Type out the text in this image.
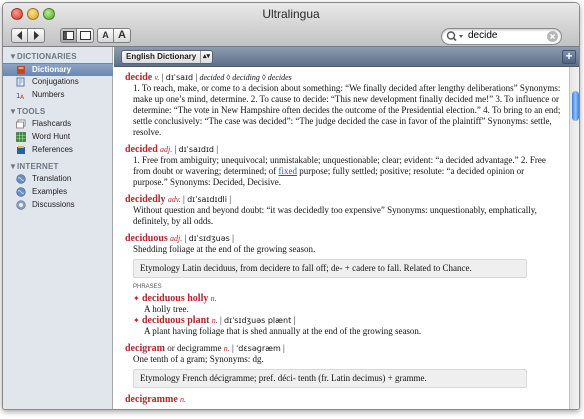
Ultralingua
A A	decide
▼DICTIONARIES
Dictionary
Conjugations
1 A Numbers
▼TOOLS
Flashcards
Word Hunt
References
▼INTERNET
Translation
Examples
Discussions
English Dictionary ▴▾	+
decide v. | dɪˈsaɪd | decided ◊ deciding ◊ decides
1. To reach, make, or come to a decision about something: “We finally decided after lengthy deliberations” Synonyms: make up one’s mind, determine. 2. To cause to decide: “This new development finally decided me!” 3. To influence or determine: “The vote in New Hampshire often decides the outcome of the Presidential election.” 4. To bring to an end; settle conclusively: “The case was decided”: “The judge decided the case in favor of the plaintiff” Synonyms: settle, resolve.
decided adj. | dɪˈsaɪdɪd |
1. Free from ambiguity; unequivocal; unmistakable; unquestionable; clear; evident: “a decided advantage.” 2. Free from doubt or wavering; determined; of fixed purpose; fully settled; positive; resolute: “a decided opinion or purpose.” Synonyms: Decided, Decisive.
decidedly adv. | dɪˈsaɪdɪdli |
Without question and beyond doubt: “it was decidedly too expensive” Synonyms: unquestionably, emphatically, definitely, by all odds.
deciduous adj. | dɪˈsɪdʒuəs |
Shedding foliage at the end of the growing season.
Etymology Latin deciduus, from decidere to fall off; de- + cadere to fall. Related to Chance.
PHRASES
✦ deciduous holly n.
A holly tree.
✦ deciduous plant n. | dɪˈsɪdʒuəs plænt |
A plant having foliage that is shed annually at the end of the growing season.
decigram or decigramme n. | ˈdɛsəɡræm |
One tenth of a gram; Synonyms: dg.
Etymology French décigramme; pref. déci- tenth (fr. Latin decimus) + gramme.
decigramme n.
